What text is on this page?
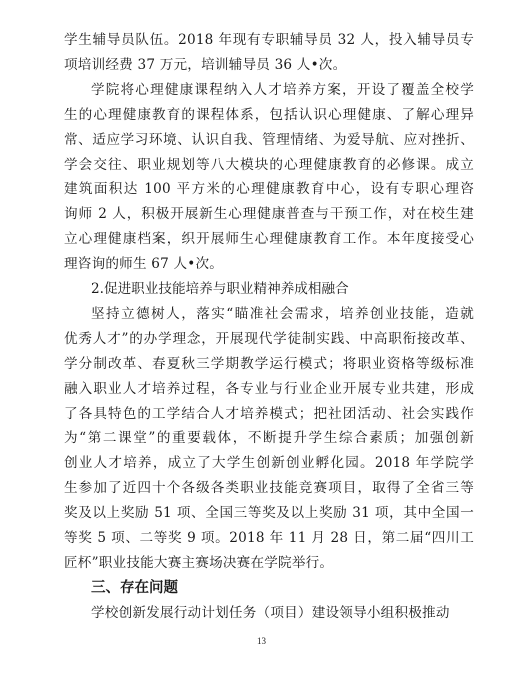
学生辅导员队伍。2018 年现有专职辅导员 32 人，投入辅导员专
项培训经费 37 万元，培训辅导员 36 人•次。
学院将心理健康课程纳入人才培养方案，开设了覆盖全校学
生的心理健康教育的课程体系，包括认识心理健康、了解心理异
常、适应学习环境、认识自我、管理情绪、为爱导航、应对挫折、
学会交往、职业规划等八大模块的心理健康教育的必修课。成立
建筑面积达 100 平方米的心理健康教育中心，设有专职心理咨
询师 2 人，积极开展新生心理健康普查与干预工作，对在校生建
立心理健康档案，织开展师生心理健康教育工作。本年度接受心
理咨询的师生 67 人•次。
2.促进职业技能培养与职业精神养成相融合
坚持立德树人，落实“瞄准社会需求，培养创业技能，造就
优秀人才”的办学理念，开展现代学徒制实践、中高职衔接改革、
学分制改革、春夏秋三学期教学运行模式；将职业资格等级标准
融入职业人才培养过程，各专业与行业企业开展专业共建，形成
了各具特色的工学结合人才培养模式；把社团活动、社会实践作
为“第二课堂”的重要载体，不断提升学生综合素质；加强创新
创业人才培养，成立了大学生创新创业孵化园。2018 年学院学
生参加了近四十个各级各类职业技能竞赛项目，取得了全省三等
奖及以上奖励 51 项、全国三等奖及以上奖励 31 项，其中全国一
等奖 5 项、二等奖 9 项。2018 年 11 月 28 日，第二届“四川工
匠杯”职业技能大赛主赛场决赛在学院举行。
三、存在问题
学校创新发展行动计划任务（项目）建设领导小组积极推动
13
